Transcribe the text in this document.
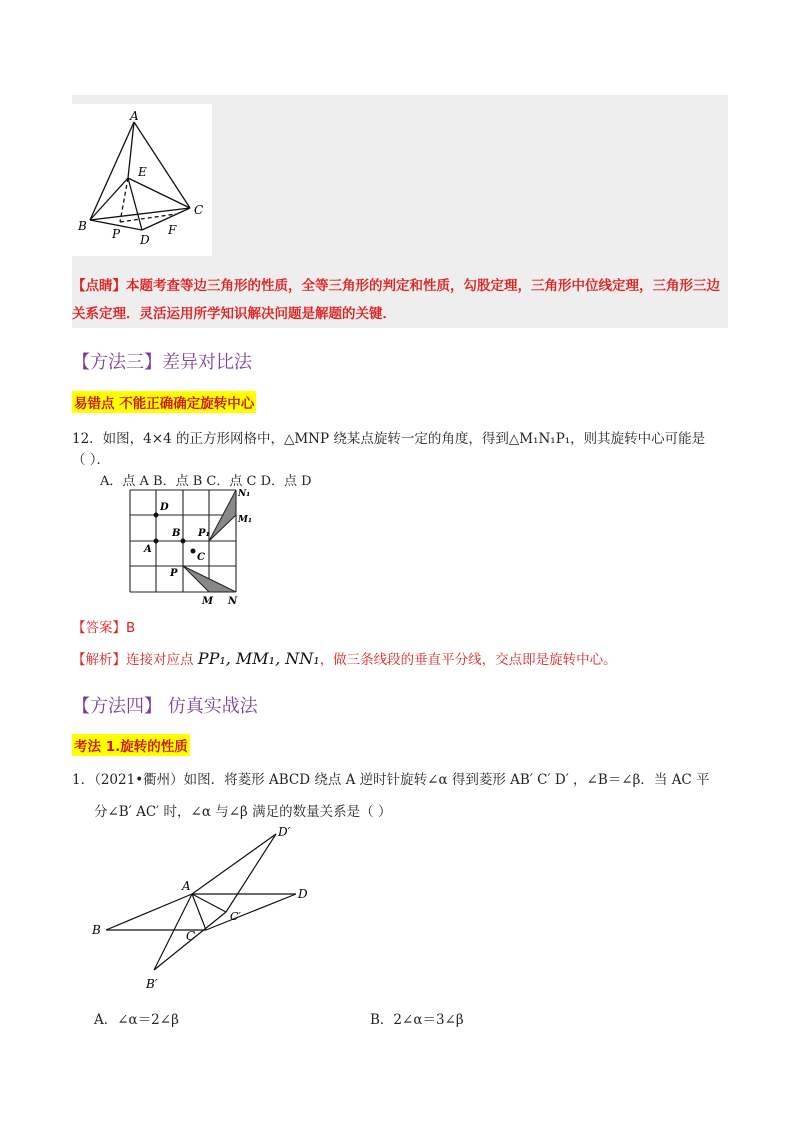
A
E
C
B
P D
F
【点睛】本题考查等边三角形的性质，全等三角形的判定和性质，勾股定理，三角形中位线定理，三角形三边关系定理．灵活运用所学知识解决问题是解题的关键．
【方法三】差异对比法
易错点 不能正确确定旋转中心
12．如图，4×4 的正方形网格中，△MNP 绕某点旋转一定的角度，得到△M₁N₁P₁，则其旋转中心可能是
（ ）．
A．点 A B．点 B C．点 C D．点 D
D
B P₁
A
C
P
M N
N₁
M₁
【答案】B
【解析】连接对应点 PP₁, MM₁, NN₁，做三条线段的垂直平分线，交点即是旋转中心。
【方法四】 仿真实战法
考法 1.旋转的性质
1．（2021•衢州）如图．将菱形 ABCD 绕点 A 逆时针旋转∠α 得到菱形 AB′ C′ D′ ，∠B＝∠β．当 AC 平
分∠B′ AC′ 时，∠α 与∠β 满足的数量关系是（ ）
D′
A
D
C′
B	C
B′
A．∠α＝2∠β	B．2∠α＝3∠β
